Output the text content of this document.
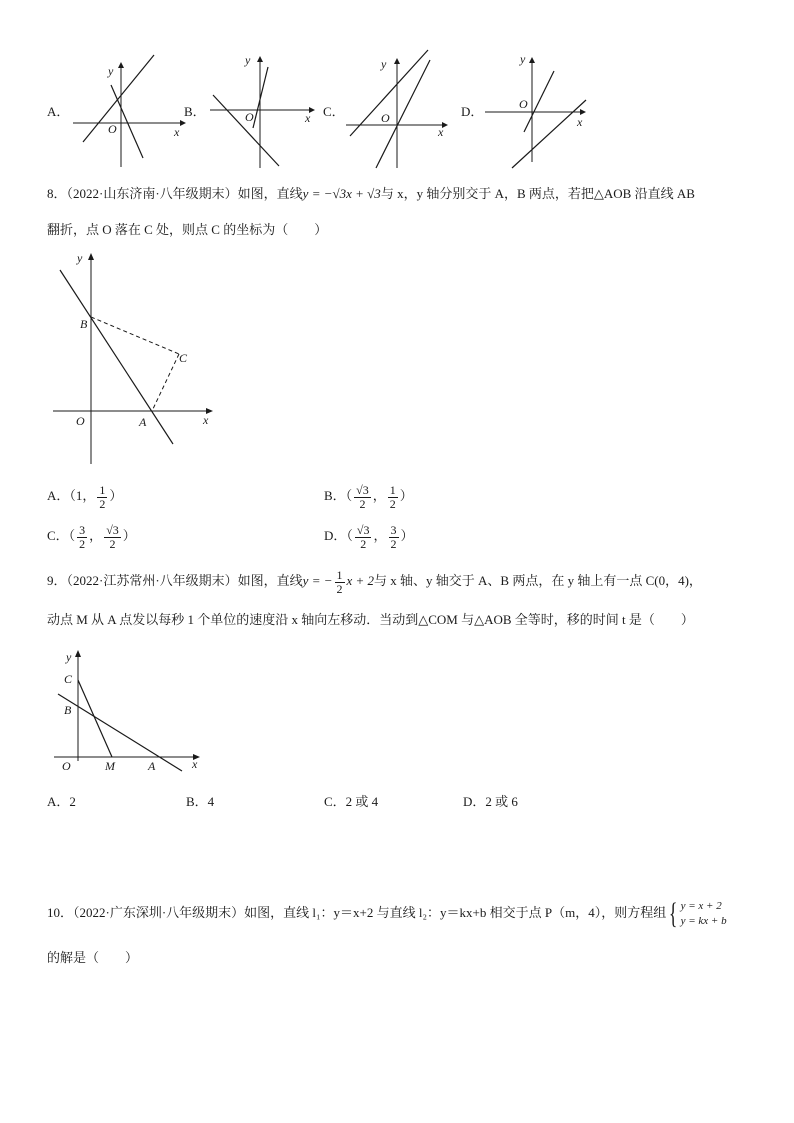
A．
x
y
O
B．	x
y
O	C．
x
y
O	D．
x
y
O
8．（2022·山东济南·八年级期末）如图，直线y = −√3x + √3与 x，y 轴分别交于 A，B 两点，若把△AOB 沿直线 AB
翻折，点 O 落在 C 处，则点 C 的坐标为（　　）
y
x
B
C
O	A
A．（1， $\frac{1}{2}$ ）	B．（ $\frac{√3}{2}$ ， $\frac{1}{2}$ ）
C．（ $\frac{3}{2}$ ， $\frac{√3}{2}$ ）	D．（ $\frac{√3}{2}$ ， $\frac{3}{2}$ ）
9．（2022·江苏常州·八年级期末）如图，直线y = − $\frac{1}{2}$ x + 2与 x 轴、y 轴交于 A、B 两点，在 y 轴上有一点 C(0，4)，
动点 M 从 A 点发以每秒 1 个单位的速度沿 x 轴向左移动．当动到△COM 与△AOB 全等时，移的时间 t 是（　　）
y
x
C
B
O	M	A
A．2	B．4	C．2 或 4	D．2 或 6
10．（2022·广东深圳·八年级期末）如图，直线 l₁：y＝x+2 与直线 l₂：y＝kx+b 相交于点 P（m，4），则方程组{ y = x + 2
y = kx + b
的解是（　　）
